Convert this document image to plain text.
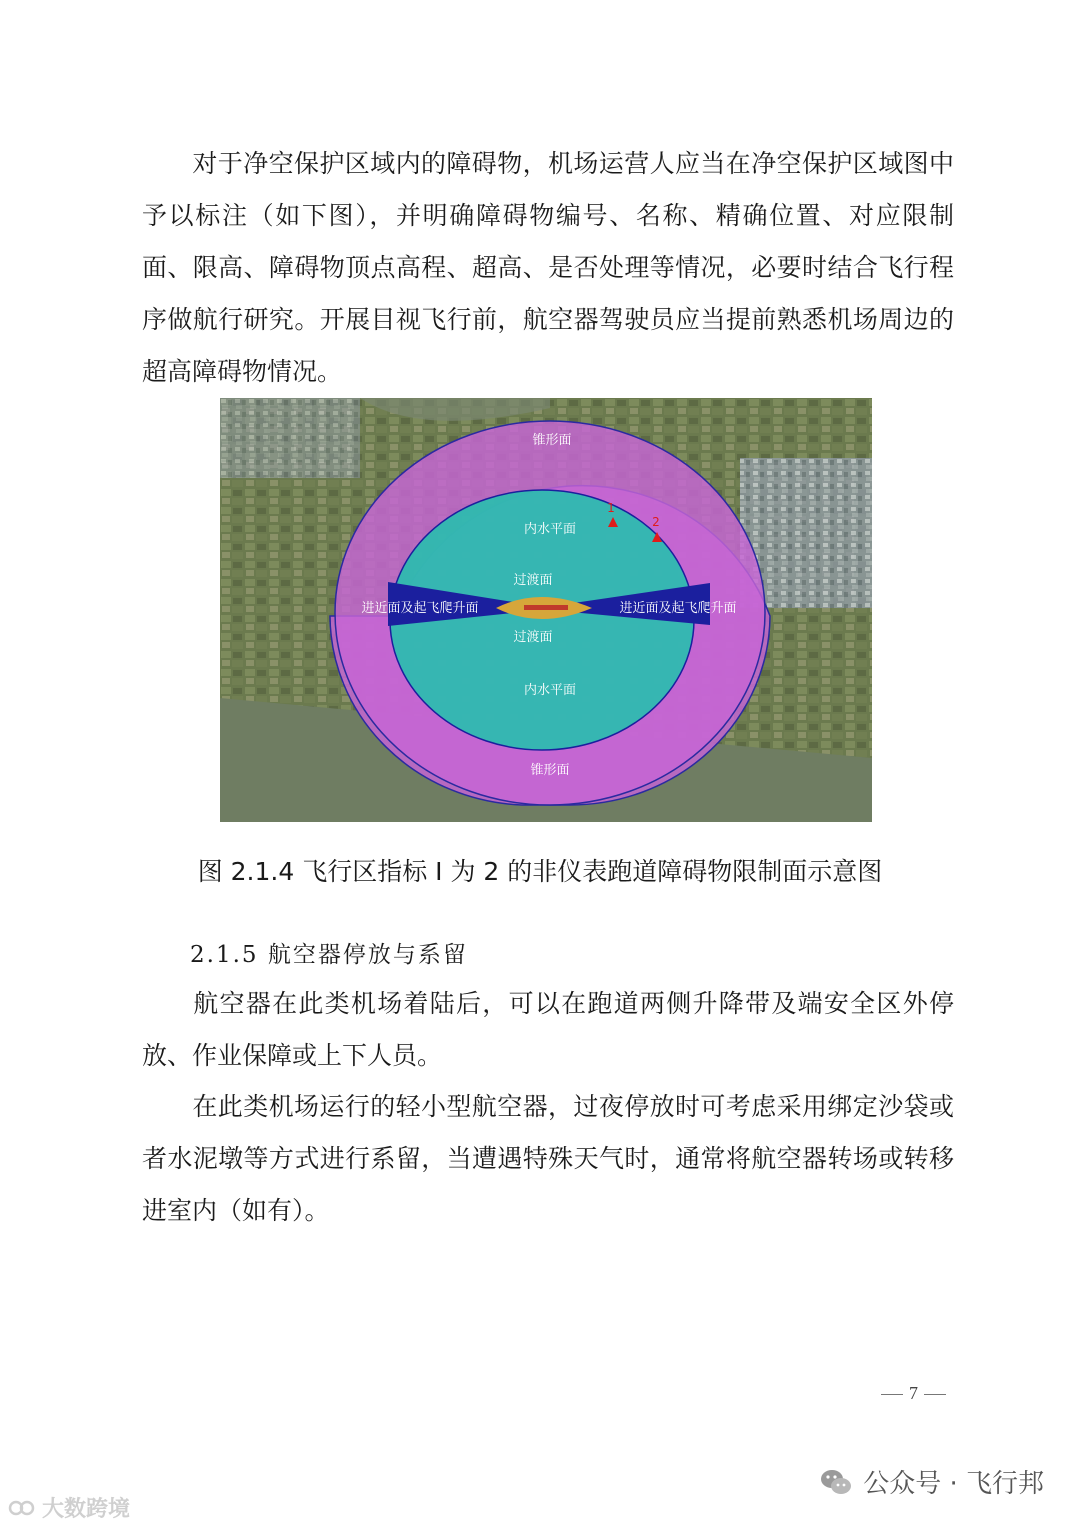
对于净空保护区域内的障碍物，机场运营人应当在净空保护区域图中予以标注（如下图），并明确障碍物编号、名称、精确位置、对应限制面、限高、障碍物顶点高程、超高、是否处理等情况，必要时结合飞行程序做航行研究。开展目视飞行前，航空器驾驶员应当提前熟悉机场周边的超高障碍物情况。

锥形面
锥形面
内水平面
内水平面
过渡面
过渡面
进近面及起飞爬升面	进近面及起飞爬升面
1
2
图 2.1.4 飞行区指标 I 为 2 的非仪表跑道障碍物限制面示意图
2.1.5 航空器停放与系留

航空器在此类机场着陆后，可以在跑道两侧升降带及端安全区外停放、作业保障或上下人员。

在此类机场运行的轻小型航空器，过夜停放时可考虑采用绑定沙袋或者水泥墩等方式进行系留，当遭遇特殊天气时，通常将航空器转场或转移进室内（如有）。

7
公众号 · 飞行邦
大数跨境
